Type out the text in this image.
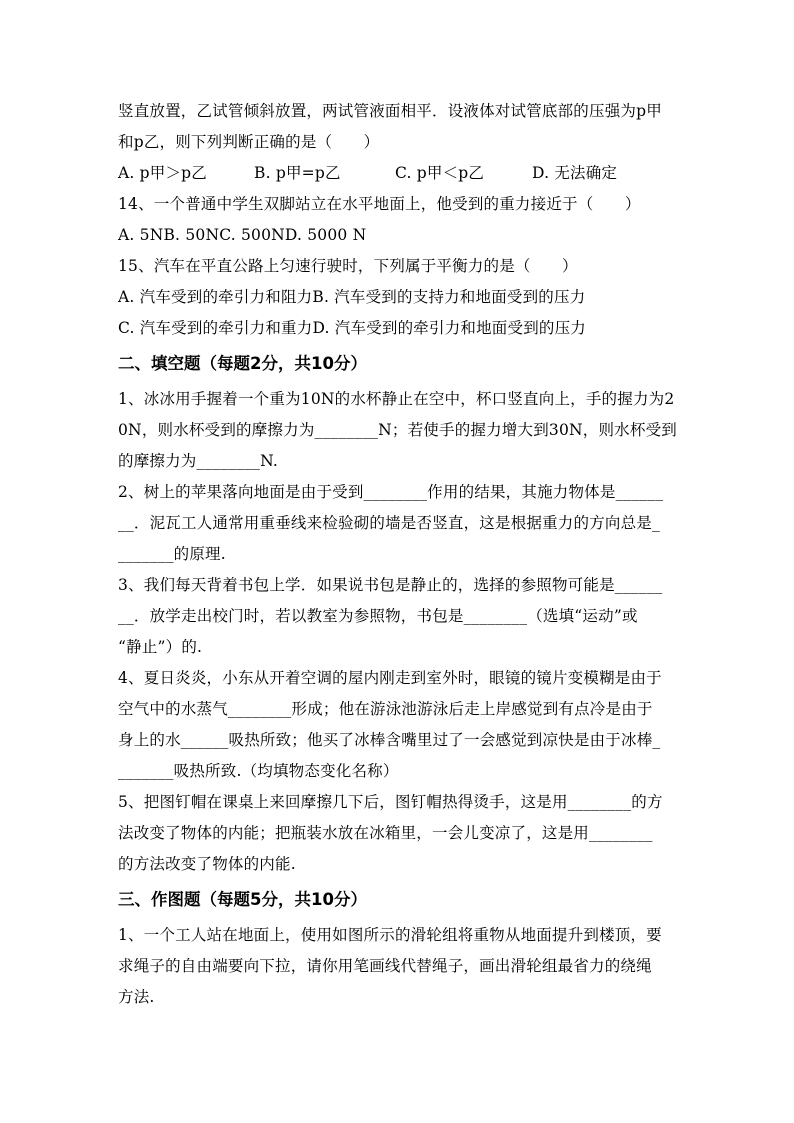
竖直放置，乙试管倾斜放置，两试管液面相平．设液体对试管底部的压强为p甲
和p乙，则下列判断正确的是（　　）
A. p甲＞p乙	B. p甲=p乙	C. p甲＜p乙	D. 无法确定
14、一个普通中学生双脚站立在水平地面上，他受到的重力接近于（　　）
A. 5NB. 50NC. 500ND. 5000 N
15、汽车在平直公路上匀速行驶时，下列属于平衡力的是（　　）
A. 汽车受到的牵引力和阻力B. 汽车受到的支持力和地面受到的压力
C. 汽车受到的牵引力和重力D. 汽车受到的牵引力和地面受到的压力
二、填空题（每题2分，共10分）
1、冰冰用手握着一个重为10N的水杯静止在空中，杯口竖直向上，手的握力为2
0N，则水杯受到的摩擦力为________N；若使手的握力增大到30N，则水杯受到
的摩擦力为________N.
2、树上的苹果落向地面是由于受到________作用的结果，其施力物体是______
__．泥瓦工人通常用重垂线来检验砌的墙是否竖直，这是根据重力的方向总是_
_______的原理.
3、我们每天背着书包上学．如果说书包是静止的，选择的参照物可能是______
__．放学走出校门时，若以教室为参照物，书包是________（选填“运动”或
“静止”）的.
4、夏日炎炎，小东从开着空调的屋内刚走到室外时，眼镜的镜片变模糊是由于
空气中的水蒸气________形成；他在游泳池游泳后走上岸感觉到有点冷是由于
身上的水______吸热所致；他买了冰棒含嘴里过了一会感觉到凉快是由于冰棒_
_______吸热所致.（均填物态变化名称）
5、把图钉帽在课桌上来回摩擦几下后，图钉帽热得烫手，这是用________的方
法改变了物体的内能；把瓶装水放在冰箱里，一会儿变凉了，这是用________
的方法改变了物体的内能.
三、作图题（每题5分，共10分）
1、一个工人站在地面上，使用如图所示的滑轮组将重物从地面提升到楼顶，要
求绳子的自由端要向下拉，请你用笔画线代替绳子，画出滑轮组最省力的绕绳
方法.
